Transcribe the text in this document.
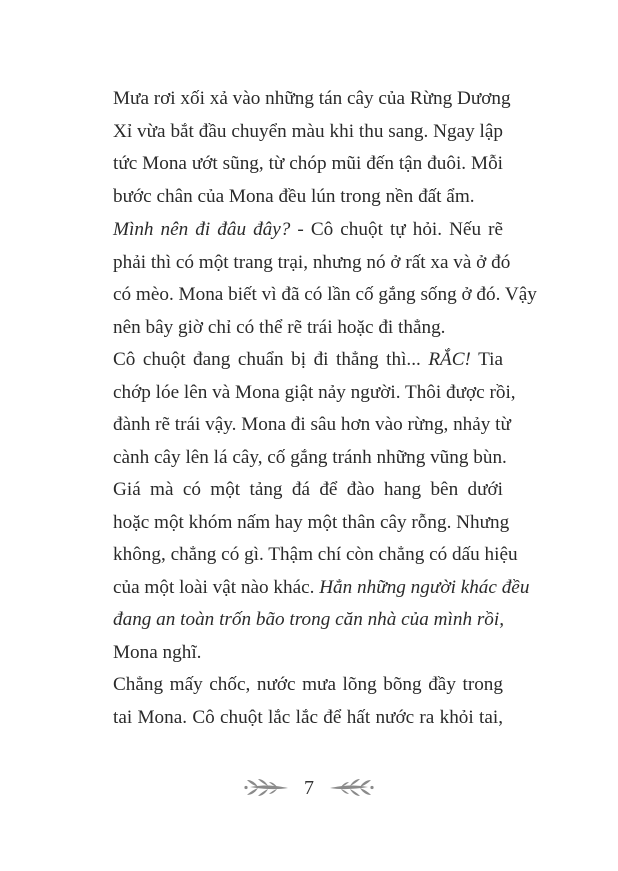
Mưa rơi xối xả vào những tán cây của Rừng Dương
Xỉ vừa bắt đầu chuyển màu khi thu sang. Ngay lập
tức Mona ướt sũng, từ chóp mũi đến tận đuôi. Mỗi
bước chân của Mona đều lún trong nền đất ẩm.

Mình nên đi đâu đây? - Cô chuột tự hỏi. Nếu rẽ
phải thì có một trang trại, nhưng nó ở rất xa và ở đó
có mèo. Mona biết vì đã có lần cố gắng sống ở đó. Vậy
nên bây giờ chỉ có thể rẽ trái hoặc đi thẳng.

Cô chuột đang chuẩn bị đi thẳng thì... RẮC! Tia
chớp lóe lên và Mona giật nảy người. Thôi được rồi,
đành rẽ trái vậy. Mona đi sâu hơn vào rừng, nhảy từ
cành cây lên lá cây, cố gắng tránh những vũng bùn.

Giá mà có một tảng đá để đào hang bên dưới
hoặc một khóm nấm hay một thân cây rỗng. Nhưng
không, chẳng có gì. Thậm chí còn chẳng có dấu hiệu
của một loài vật nào khác. Hẳn những người khác đều
đang an toàn trốn bão trong căn nhà của mình rồi,
Mona nghĩ.

Chẳng mấy chốc, nước mưa lõng bõng đầy trong
tai Mona. Cô chuột lắc lắc để hất nước ra khỏi tai,

7
